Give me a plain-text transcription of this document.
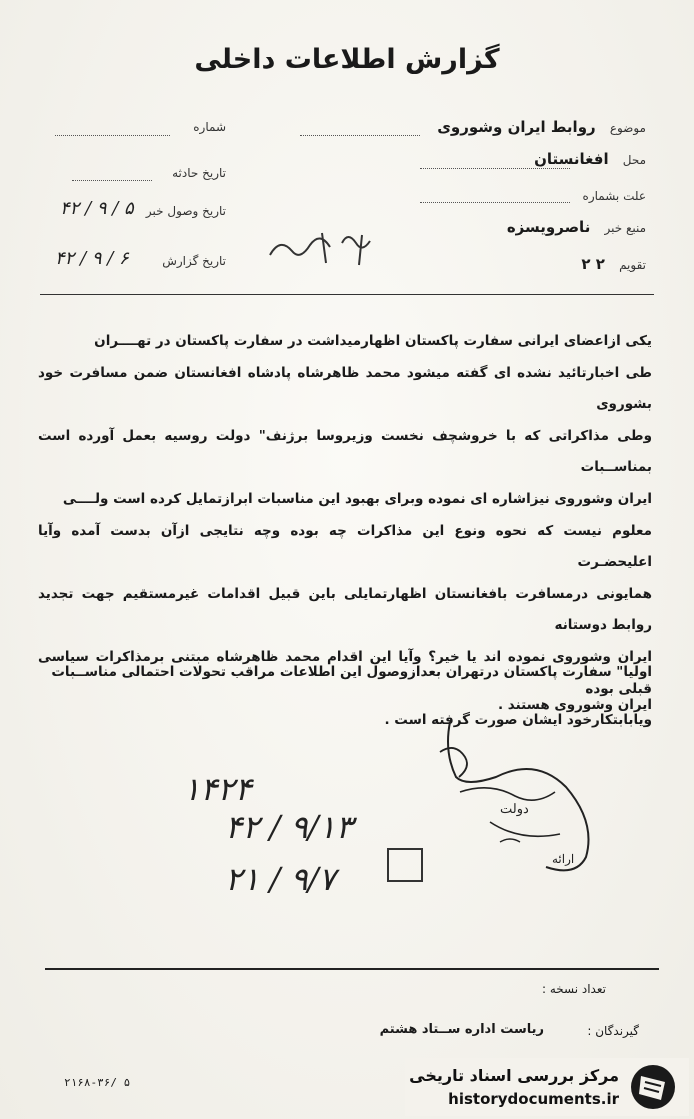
گزارش اطلاعات داخلی
موضوع روابط ایران وشوروی
محل افغانستان
علت بشماره
منبع خبر ناصرویسزه
تقویم ۲ ۲
شماره
تاریخ حادثه
تاریخ وصول خبر
۵ / ۹ / ۴۲
تاریخ گزارش
۶ / ۹ / ۴۲

یکی ازاعضای ایرانی سفارت پاکستان اظهارمیداشت در سفارت پاکستان در تهــــران

طی اخبارتائید نشده ای گفته میشود محمد ظاهرشاه پادشاه افغانستان ضمن مسافرت خود بشوروی

وطی مذاکراتی که با خروشچف نخست وزیروسا برژنف" دولت روسیه بعمل آورده است بمناســبات

ایران وشوروی نیزاشاره ای نموده وبرای بهبود این مناسبات ابرازتمایل کرده است ولــــی

معلوم نیست که نحوه ونوع این مذاکرات چه بوده وچه نتایجی ازآن بدست آمده وآیا اعلیحضـرت

همایونی درمسافرت بافغانستان اظهارتمایلی باین قبیل اقدامات غیرمستقیم جهت تجدید روابط دوستانه

ایران وشوروی نموده اند یا خیر؟ وآیا این اقدام محمد ظاهرشاه مبتنی برمذاکرات سیاسی قبلی بوده

ویابابتکارخود ایشان صورت گرفته است .

اولیا" سفارت پاکستان درتهران بعدازوصول این اطلاعات مراقب تحولات احتمالی مناســبات

ایران وشوروی هستند .

دولت
ارائه
۱۴۲۴
۹/۱۳ / ۴۲
۹/۷ / ۲۱
تعداد نسخه :
گیرندگان :
ریاست اداره ســتاد هشتم
۲۱۶۸-۳۶/ ۵	مرکز بررسی اسناد تاریخی
historydocuments.ir
